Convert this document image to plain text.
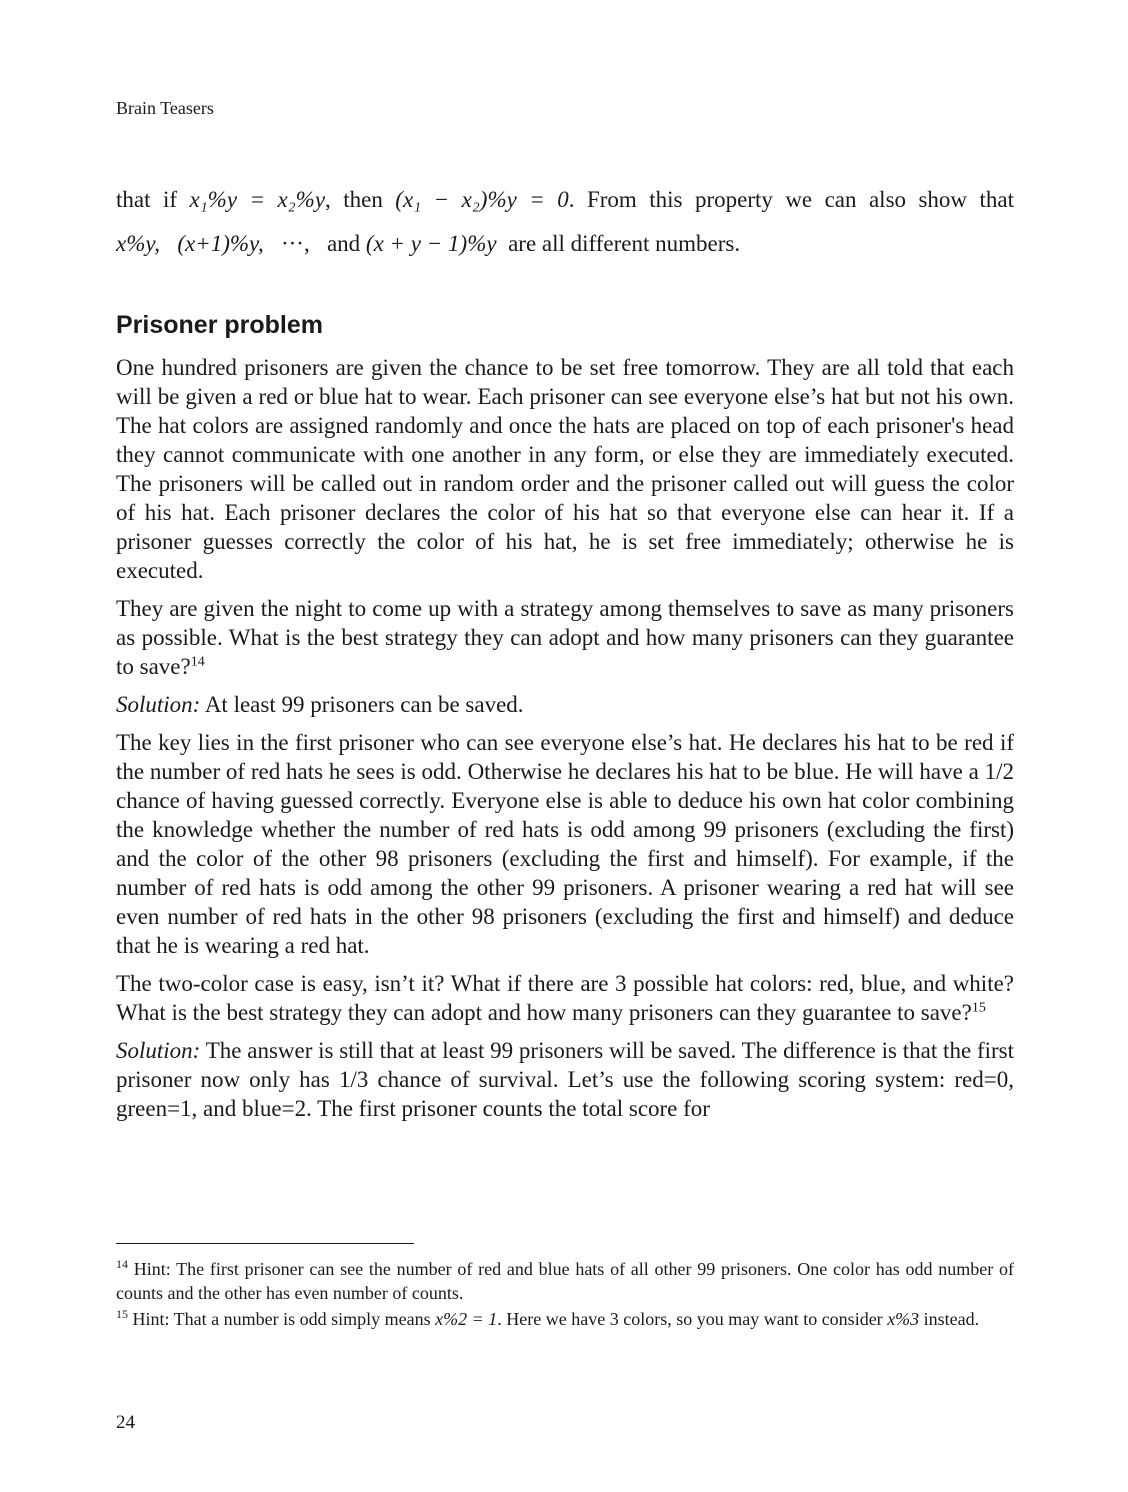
Brain Teasers
that if x₁%y = x₂%y, then (x₁ − x₂)%y = 0. From this property we can also show that
x%y, (x+1)%y, ···, and (x + y − 1)%y are all different numbers.
Prisoner problem

One hundred prisoners are given the chance to be set free tomorrow. They are all told that each will be given a red or blue hat to wear. Each prisoner can see everyone else’s hat but not his own. The hat colors are assigned randomly and once the hats are placed on top of each prisoner's head they cannot communicate with one another in any form, or else they are immediately executed. The prisoners will be called out in random order and the prisoner called out will guess the color of his hat. Each prisoner declares the color of his hat so that everyone else can hear it. If a prisoner guesses correctly the color of his hat, he is set free immediately; otherwise he is executed.

They are given the night to come up with a strategy among themselves to save as many prisoners as possible. What is the best strategy they can adopt and how many prisoners can they guarantee to save?$^{14}$

Solution: At least 99 prisoners can be saved.

The key lies in the first prisoner who can see everyone else’s hat. He declares his hat to be red if the number of red hats he sees is odd. Otherwise he declares his hat to be blue. He will have a 1/2 chance of having guessed correctly. Everyone else is able to deduce his own hat color combining the knowledge whether the number of red hats is odd among 99 prisoners (excluding the first) and the color of the other 98 prisoners (excluding the first and himself). For example, if the number of red hats is odd among the other 99 prisoners. A prisoner wearing a red hat will see even number of red hats in the other 98 prisoners (excluding the first and himself) and deduce that he is wearing a red hat.

The two-color case is easy, isn’t it? What if there are 3 possible hat colors: red, blue, and white? What is the best strategy they can adopt and how many prisoners can they guarantee to save?$^{15}$

Solution: The answer is still that at least 99 prisoners will be saved. The difference is that the first prisoner now only has 1/3 chance of survival. Let’s use the following scoring system: red=0, green=1, and blue=2. The first prisoner counts the total score for

$^{14}$ Hint: The first prisoner can see the number of red and blue hats of all other 99 prisoners. One color has odd number of counts and the other has even number of counts.

$^{15}$ Hint: That a number is odd simply means x%2 = 1. Here we have 3 colors, so you may want to consider x%3 instead.

24
